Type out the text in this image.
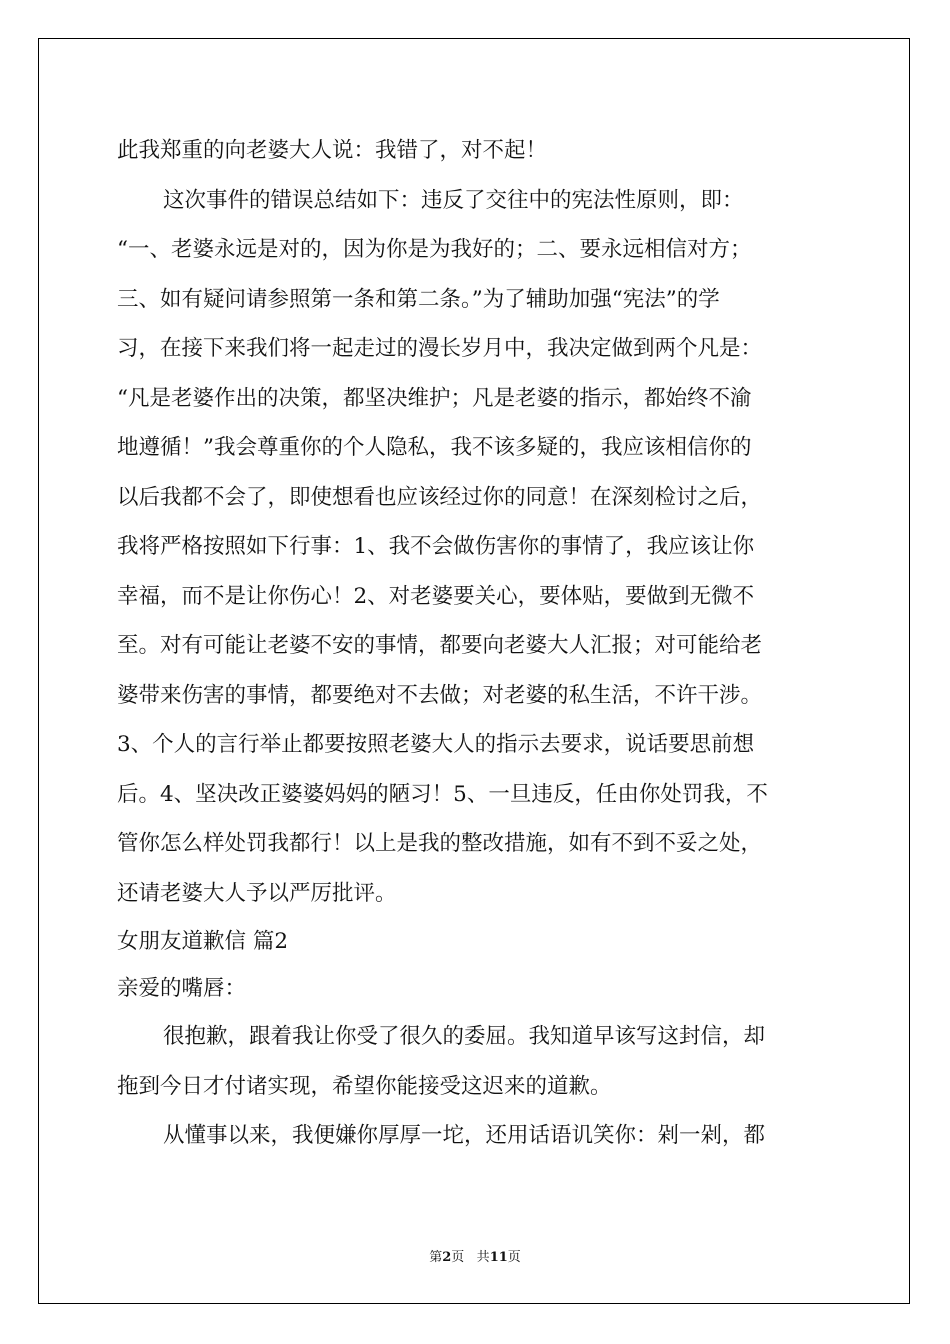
此我郑重的向老婆大人说：我错了，对不起！
这次事件的错误总结如下：违反了交往中的宪法性原则，即：
“一、老婆永远是对的，因为你是为我好的；二、要永远相信对方；
三、如有疑问请参照第一条和第二条。”为了辅助加强“宪法”的学
习，在接下来我们将一起走过的漫长岁月中，我决定做到两个凡是：
“凡是老婆作出的决策，都坚决维护；凡是老婆的指示，都始终不渝
地遵循！”我会尊重你的个人隐私，我不该多疑的，我应该相信你的
以后我都不会了，即使想看也应该经过你的同意！在深刻检讨之后，
我将严格按照如下行事：1、我不会做伤害你的事情了，我应该让你
幸福，而不是让你伤心！2、对老婆要关心，要体贴，要做到无微不
至。对有可能让老婆不安的事情，都要向老婆大人汇报；对可能给老
婆带来伤害的事情，都要绝对不去做；对老婆的私生活，不许干涉。
3、个人的言行举止都要按照老婆大人的指示去要求，说话要思前想
后。4、坚决改正婆婆妈妈的陋习！5、一旦违反，任由你处罚我，不
管你怎么样处罚我都行！以上是我的整改措施，如有不到不妥之处，
还请老婆大人予以严厉批评。
女朋友道歉信 篇2
亲爱的嘴唇：
很抱歉，跟着我让你受了很久的委屈。我知道早该写这封信，却
拖到今日才付诸实现，希望你能接受这迟来的道歉。
从懂事以来，我便嫌你厚厚一坨，还用话语讥笑你：剁一剁，都
第2页 共11页
